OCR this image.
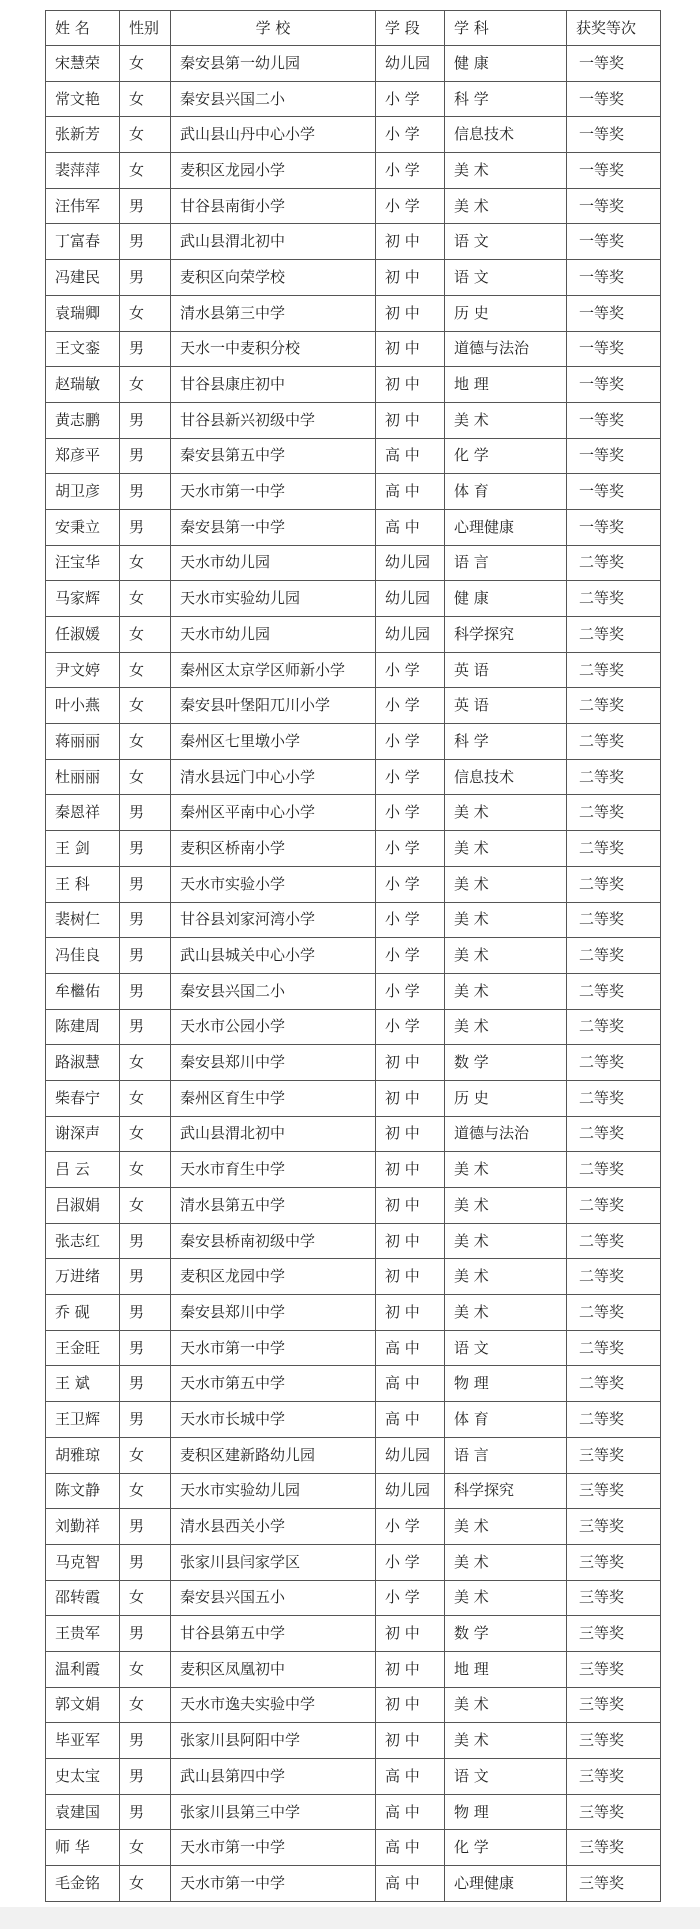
姓 名	性别	学 校	学 段	学 科	获奖等次
宋慧荣	女	秦安县第一幼儿园	幼儿园	健 康	一等奖
常文艳	女	秦安县兴国二小	小 学	科 学	一等奖
张新芳	女	武山县山丹中心小学	小 学	信息技术	一等奖
裴萍萍	女	麦积区龙园小学	小 学	美 术	一等奖
汪伟军	男	甘谷县南街小学	小 学	美 术	一等奖
丁富春	男	武山县渭北初中	初 中	语 文	一等奖
冯建民	男	麦积区向荣学校	初 中	语 文	一等奖
袁瑞卿	女	清水县第三中学	初 中	历 史	一等奖
王文銮	男	天水一中麦积分校	初 中	道德与法治	一等奖
赵瑞敏	女	甘谷县康庄初中	初 中	地 理	一等奖
黄志鹏	男	甘谷县新兴初级中学	初 中	美 术	一等奖
郑彦平	男	秦安县第五中学	高 中	化 学	一等奖
胡卫彦	男	天水市第一中学	高 中	体 育	一等奖
安秉立	男	秦安县第一中学	高 中	心理健康	一等奖
汪宝华	女	天水市幼儿园	幼儿园	语 言	二等奖
马家辉	女	天水市实验幼儿园	幼儿园	健 康	二等奖
任淑媛	女	天水市幼儿园	幼儿园	科学探究	二等奖
尹文婷	女	秦州区太京学区师新小学	小 学	英 语	二等奖
叶小燕	女	秦安县叶堡阳兀川小学	小 学	英 语	二等奖
蒋丽丽	女	秦州区七里墩小学	小 学	科 学	二等奖
杜丽丽	女	清水县远门中心小学	小 学	信息技术	二等奖
秦恩祥	男	秦州区平南中心小学	小 学	美 术	二等奖
王 剑	男	麦积区桥南小学	小 学	美 术	二等奖
王 科	男	天水市实验小学	小 学	美 术	二等奖
裴树仁	男	甘谷县刘家河湾小学	小 学	美 术	二等奖
冯佳良	男	武山县城关中心小学	小 学	美 术	二等奖
牟檵佑	男	秦安县兴国二小	小 学	美 术	二等奖
陈建周	男	天水市公园小学	小 学	美 术	二等奖
路淑慧	女	秦安县郑川中学	初 中	数 学	二等奖
柴春宁	女	秦州区育生中学	初 中	历 史	二等奖
谢深声	女	武山县渭北初中	初 中	道德与法治	二等奖
吕 云	女	天水市育生中学	初 中	美 术	二等奖
吕淑娟	女	清水县第五中学	初 中	美 术	二等奖
张志红	男	秦安县桥南初级中学	初 中	美 术	二等奖
万进绪	男	麦积区龙园中学	初 中	美 术	二等奖
乔 砚	男	秦安县郑川中学	初 中	美 术	二等奖
王金旺	男	天水市第一中学	高 中	语 文	二等奖
王 斌	男	天水市第五中学	高 中	物 理	二等奖
王卫辉	男	天水市长城中学	高 中	体 育	二等奖
胡雅琼	女	麦积区建新路幼儿园	幼儿园	语 言	三等奖
陈文静	女	天水市实验幼儿园	幼儿园	科学探究	三等奖
刘勤祥	男	清水县西关小学	小 学	美 术	三等奖
马克智	男	张家川县闫家学区	小 学	美 术	三等奖
邵转霞	女	秦安县兴国五小	小 学	美 术	三等奖
王贵军	男	甘谷县第五中学	初 中	数 学	三等奖
温利霞	女	麦积区凤凰初中	初 中	地 理	三等奖
郭文娟	女	天水市逸夫实验中学	初 中	美 术	三等奖
毕亚军	男	张家川县阿阳中学	初 中	美 术	三等奖
史太宝	男	武山县第四中学	高 中	语 文	三等奖
袁建国	男	张家川县第三中学	高 中	物 理	三等奖
师 华	女	天水市第一中学	高 中	化 学	三等奖
毛金铭	女	天水市第一中学	高 中	心理健康	三等奖
